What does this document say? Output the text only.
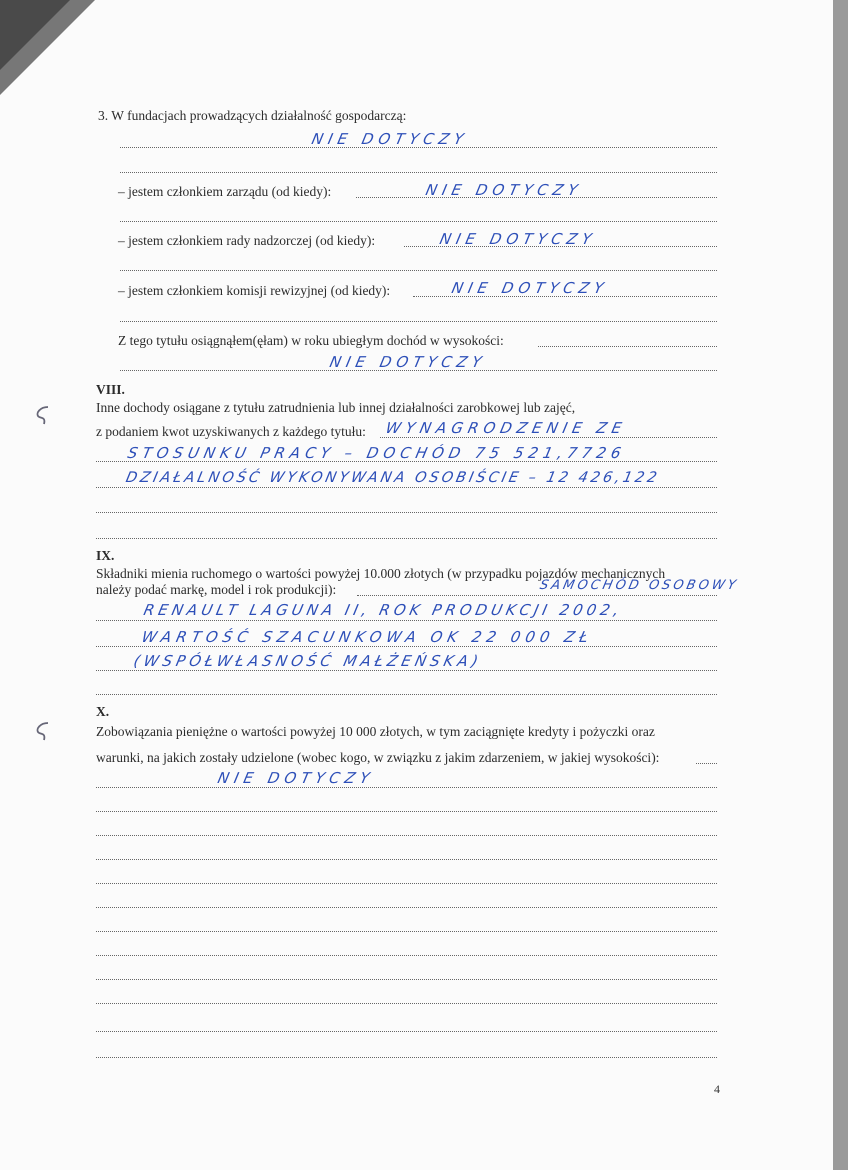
3. W fundacjach prowadzących działalność gospodarczą:
NIE DOTYCZY
– jestem członkiem zarządu (od kiedy):	NIE DOTYCZY
– jestem członkiem rady nadzorczej (od kiedy):	NIE DOTYCZY
– jestem członkiem komisji rewizyjnej (od kiedy):	NIE DOTYCZY
Z tego tytułu osiągnąłem(ęłam) w roku ubiegłym dochód w wysokości:
NIE DOTYCZY
VIII.
Inne dochody osiągane z tytułu zatrudnienia lub innej działalności zarobkowej lub zajęć,
z podaniem kwot uzyskiwanych z każdego tytułu: WYNAGRODZENIE ZE
STOSUNKU PRACY – DOCHÓD 75 521,7726
DZIAŁALNOŚĆ WYKONYWANA OSOBIŚCIE – 12 426,122
IX.
Składniki mienia ruchomego o wartości powyżej 10.000 złotych (w przypadku pojazdów mechanicznych
należy podać markę, model i rok produkcji):	SAMOCHÓD OSOBOWY
RENAULT LAGUNA II, ROK PRODUKCJI 2002,
WARTOŚĆ SZACUNKOWA OK 22 000 ZŁ
(WSPÓŁWŁASNOŚĆ MAŁŻEŃSKA)
X.
Zobowiązania pieniężne o wartości powyżej 10 000 złotych, w tym zaciągnięte kredyty i pożyczki oraz
warunki, na jakich zostały udzielone (wobec kogo, w związku z jakim zdarzeniem, w jakiej wysokości):
NIE DOTYCZY
4
